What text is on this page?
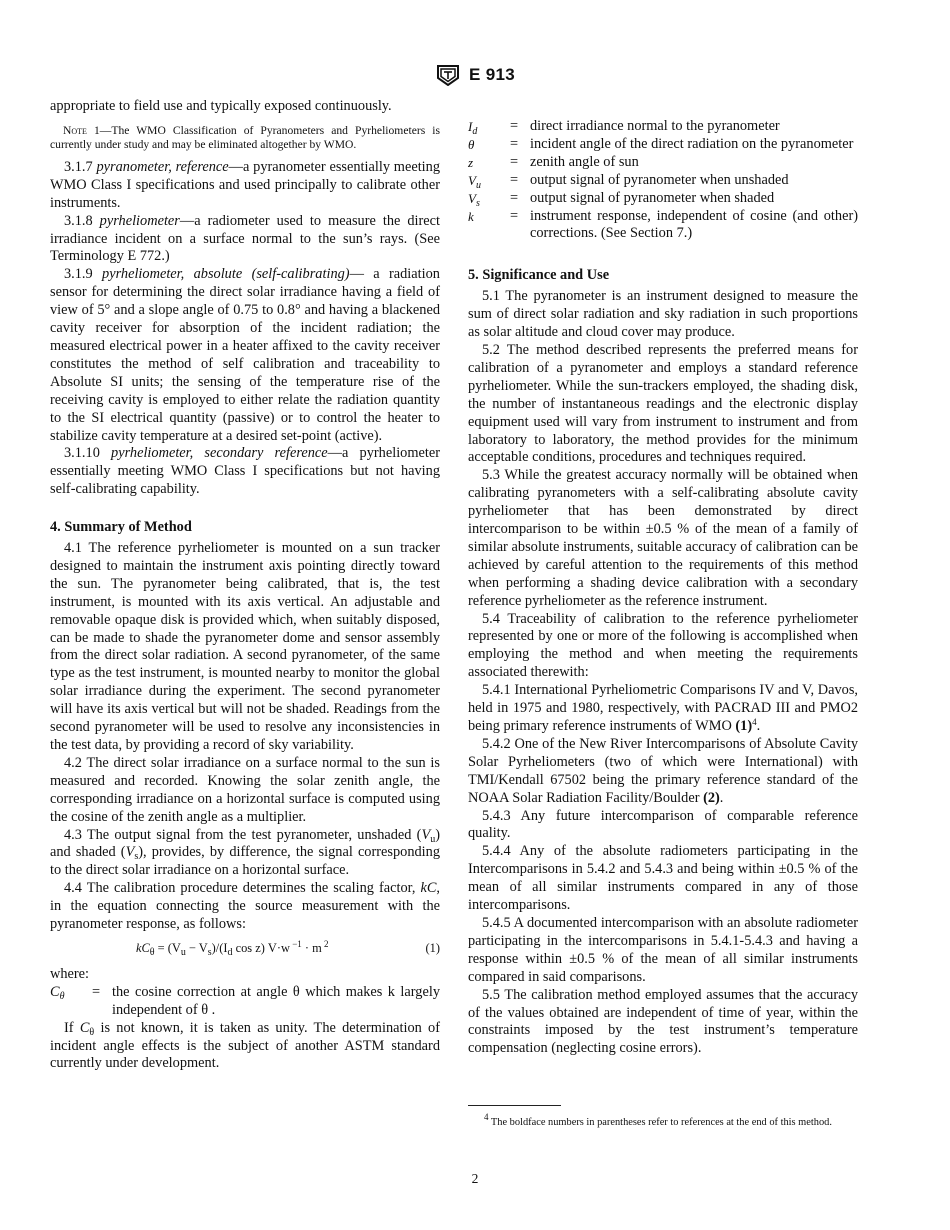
E 913

appropriate to field use and typically exposed continuously.

Note 1—The WMO Classification of Pyranometers and Pyrheliometers is currently under study and may be eliminated altogether by WMO.

3.1.7 pyranometer, reference—a pyranometer essentially meeting WMO Class I specifications and used principally to calibrate other instruments.

3.1.8 pyrheliometer—a radiometer used to measure the direct irradiance incident on a surface normal to the sun’s rays. (See Terminology E 772.)

3.1.9 pyrheliometer, absolute (self-calibrating)— a radiation sensor for determining the direct solar irradiance having a field of view of 5° and a slope angle of 0.75 to 0.8° and having a blackened cavity receiver for absorption of the incident radiation; the measured electrical power in a heater affixed to the cavity receiver constitutes the method of self calibration and traceability to Absolute SI units; the sensing of the temperature rise of the receiving cavity is employed to either relate the radiation quantity to the SI electrical quantity (passive) or to control the heater to stabilize cavity temperature at a desired set-point (active).

3.1.10 pyrheliometer, secondary reference—a pyrheliometer essentially meeting WMO Class I specifications but not having self-calibrating capability.

4. Summary of Method

4.1 The reference pyrheliometer is mounted on a sun tracker designed to maintain the instrument axis pointing directly toward the sun. The pyranometer being calibrated, that is, the test instrument, is mounted with its axis vertical. An adjustable and removable opaque disk is provided which, when suitably disposed, can be made to shade the pyranometer dome and sensor assembly from the direct solar radiation. A second pyranometer, of the same type as the test instrument, is mounted nearby to monitor the global solar irradiance during the experiment. The second pyranometer will have its axis vertical but will not be shaded. Readings from the second pyranometer will be used to resolve any inconsistencies in the test data, by providing a record of sky variability.

4.2 The direct solar irradiance on a surface normal to the sun is measured and recorded. Knowing the solar zenith angle, the corresponding irradiance on a horizontal surface is computed using the cosine of the zenith angle as a multiplier.

4.3 The output signal from the test pyranometer, unshaded $(V_u)$ and shaded $(V_s)$, provides, by difference, the signal corresponding to the direct solar irradiance on a horizontal surface.

4.4 The calibration procedure determines the scaling factor, kC, in the equation connecting the source measurement with the pyranometer response, as follows:

$kC_\theta = (V_u - V_s)/(I_d$ cos z) V·w $^{-1}$ · m $^2$	(1)

where:

$C_\theta$	= the cosine correction at angle θ which makes k largely independent of θ .

If $C_\theta$ is not known, it is taken as unity. The determination of incident angle effects is the subject of another ASTM standard currently under development.

$I_d$	= direct irradiance normal to the pyranometer
θ	= incident angle of the direct radiation on the pyranometer
z	= zenith angle of sun
$V_u$	= output signal of pyranometer when unshaded
$V_s$	= output signal of pyranometer when shaded
k	= instrument response, independent of cosine (and other) corrections. (See Section 7.)

5. Significance and Use

5.1 The pyranometer is an instrument designed to measure the sum of direct solar radiation and sky radiation in such proportions as solar altitude and cloud cover may produce.

5.2 The method described represents the preferred means for calibration of a pyranometer and employs a standard reference pyrheliometer. While the sun-trackers employed, the shading disk, the number of instantaneous readings and the electronic display equipment used will vary from instrument to instrument and from laboratory to laboratory, the method provides for the minimum acceptable conditions, procedures and techniques required.

5.3 While the greatest accuracy normally will be obtained when calibrating pyranometers with a self-calibrating absolute cavity pyrheliometer that has been demonstrated by direct intercomparison to be within ±0.5 % of the mean of a family of similar absolute instruments, suitable accuracy of calibration can be achieved by careful attention to the requirements of this method when performing a shading device calibration with a secondary reference pyrheliometer as the reference instrument.

5.4 Traceability of calibration to the reference pyrheliometer represented by one or more of the following is accomplished when employing the method and when meeting the requirements associated therewith:

5.4.1 International Pyrheliometric Comparisons IV and V, Davos, held in 1975 and 1980, respectively, with PACRAD III and PMO2 being primary reference instruments of WMO $(1)^4$.

5.4.2 One of the New River Intercomparisons of Absolute Cavity Solar Pyrheliometers (two of which were International) with TMI/Kendall 67502 being the primary reference standard of the NOAA Solar Radiation Facility/Boulder (2).

5.4.3 Any future intercomparison of comparable reference quality.

5.4.4 Any of the absolute radiometers participating in the Intercomparisons in 5.4.2 and 5.4.3 and being within ±0.5 % of the mean of all similar instruments compared in any of those intercomparisons.

5.4.5 A documented intercomparison with an absolute radiometer participating in the intercomparisons in 5.4.1-5.4.3 and having a response within ±0.5 % of the mean of all similar instruments compared in said comparisons.

5.5 The calibration method employed assumes that the accuracy of the values obtained are independent of time of year, within the constraints imposed by the test instrument’s temperature compensation (neglecting cosine errors).

$^4$ The boldface numbers in parentheses refer to references at the end of this method.

2
